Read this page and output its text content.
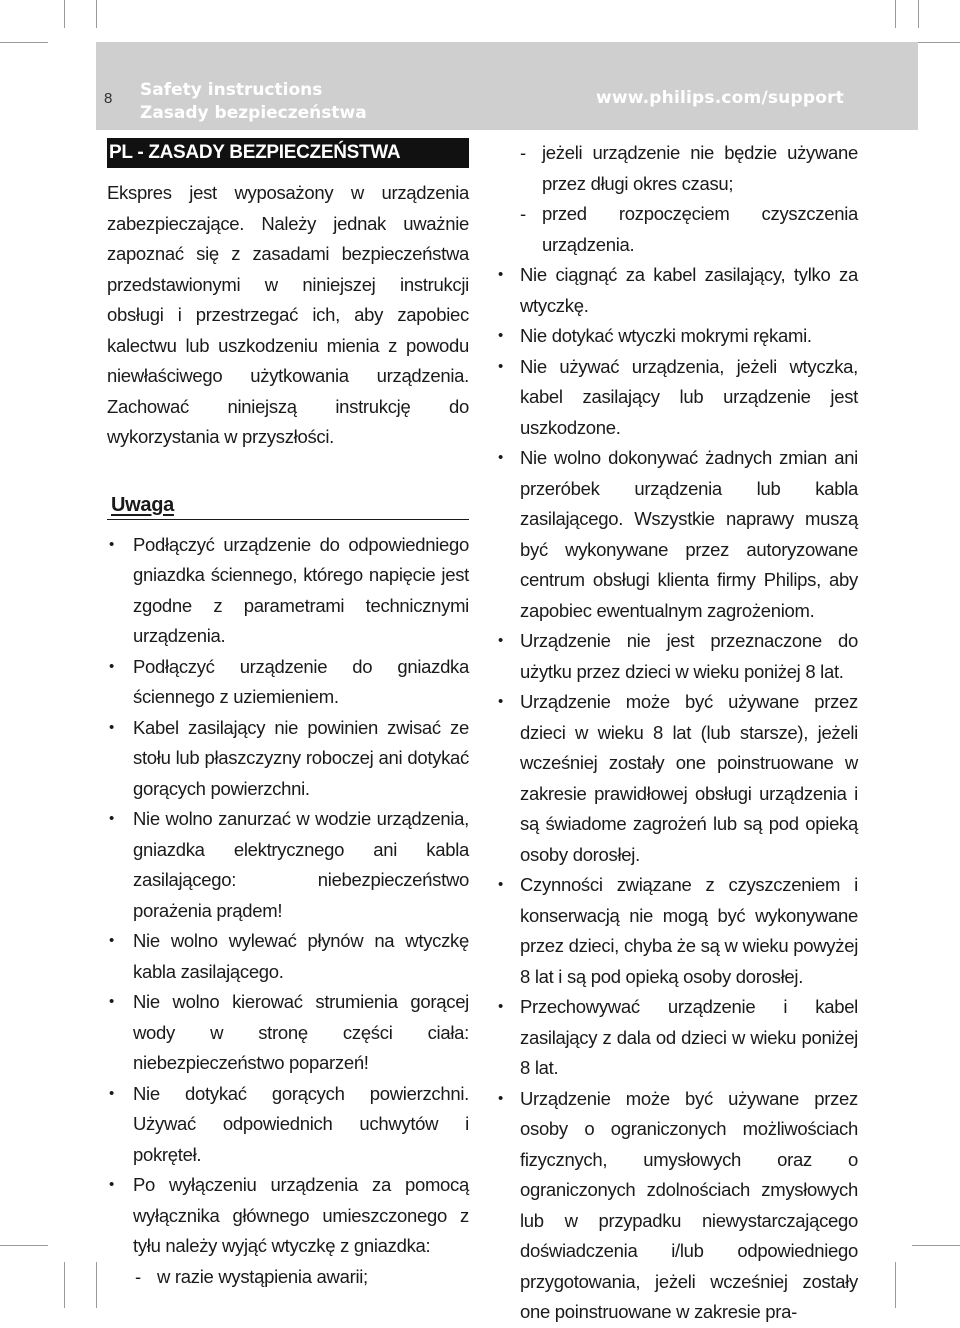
8 Safety instructions
Zasady bezpieczeństwa
www.philips.com/support
PL - ZASADY BEZPIECZEŃSTWA

Ekspres jest wyposażony w urządzenia zabezpieczające. Należy jednak uważnie zapoznać się z zasadami bezpieczeństwa przedstawionymi w niniejszej instrukcji obsługi i przestrzegać ich, aby zapobiec kalectwu lub uszkodzeniu mienia z powodu niewłaściwego użytkowania urządzenia. Zachować niniejszą instrukcję do wykorzystania w przyszłości.

Uwaga
• Podłączyć urządzenie do odpowiedniego gniazdka ściennego, którego napięcie jest zgodne z parametrami technicznymi urządzenia.
• Podłączyć urządzenie do gniazdka ściennego z uziemieniem.
• Kabel zasilający nie powinien zwisać ze stołu lub płaszczyzny roboczej ani dotykać gorących powierzchni.
• Nie wolno zanurzać w wodzie urządzenia, gniazdka elektrycznego ani kabla zasilającego: niebezpieczeństwo porażenia prądem!
• Nie wolno wylewać płynów na wtyczkę kabla zasilającego.
• Nie wolno kierować strumienia gorącej wody w stronę części ciała: niebezpieczeństwo poparzeń!
• Nie dotykać gorących powierzchni. Używać odpowiednich uchwytów i pokręteł.
• Po wyłączeniu urządzenia za pomocą wyłącznika głównego umieszczonego z tyłu należy wyjąć wtyczkę z gniazdka:
- w razie wystąpienia awarii;
- jeżeli urządzenie nie będzie używane przez długi okres czasu;
- przed rozpoczęciem czyszczenia urządzenia.
• Nie ciągnąć za kabel zasilający, tylko za wtyczkę.
• Nie dotykać wtyczki mokrymi rękami.
• Nie używać urządzenia, jeżeli wtyczka, kabel zasilający lub urządzenie jest uszkodzone.
• Nie wolno dokonywać żadnych zmian ani przeróbek urządzenia lub kabla zasilającego. Wszystkie naprawy muszą być wykonywane przez autoryzowane centrum obsługi klienta firmy Philips, aby zapobiec ewentualnym zagrożeniom.
• Urządzenie nie jest przeznaczone do użytku przez dzieci w wieku poniżej 8 lat.
• Urządzenie może być używane przez dzieci w wieku 8 lat (lub starsze), jeżeli wcześniej zostały one poinstruowane w zakresie prawidłowej obsługi urządzenia i są świadome zagrożeń lub są pod opieką osoby dorosłej.
• Czynności związane z czyszczeniem i konserwacją nie mogą być wykonywane przez dzieci, chyba że są w wieku powyżej 8 lat i są pod opieką osoby dorosłej.
• Przechowywać urządzenie i kabel zasilający z dala od dzieci w wieku poniżej 8 lat.
• Urządzenie może być używane przez osoby o ograniczonych możliwościach fizycznych, umysłowych oraz o ograniczonych zdolnościach zmysłowych lub w przypadku niewystarczającego doświadczenia i/lub odpowiedniego przygotowania, jeżeli wcześniej zostały one poinstruowane w zakresie pra-
